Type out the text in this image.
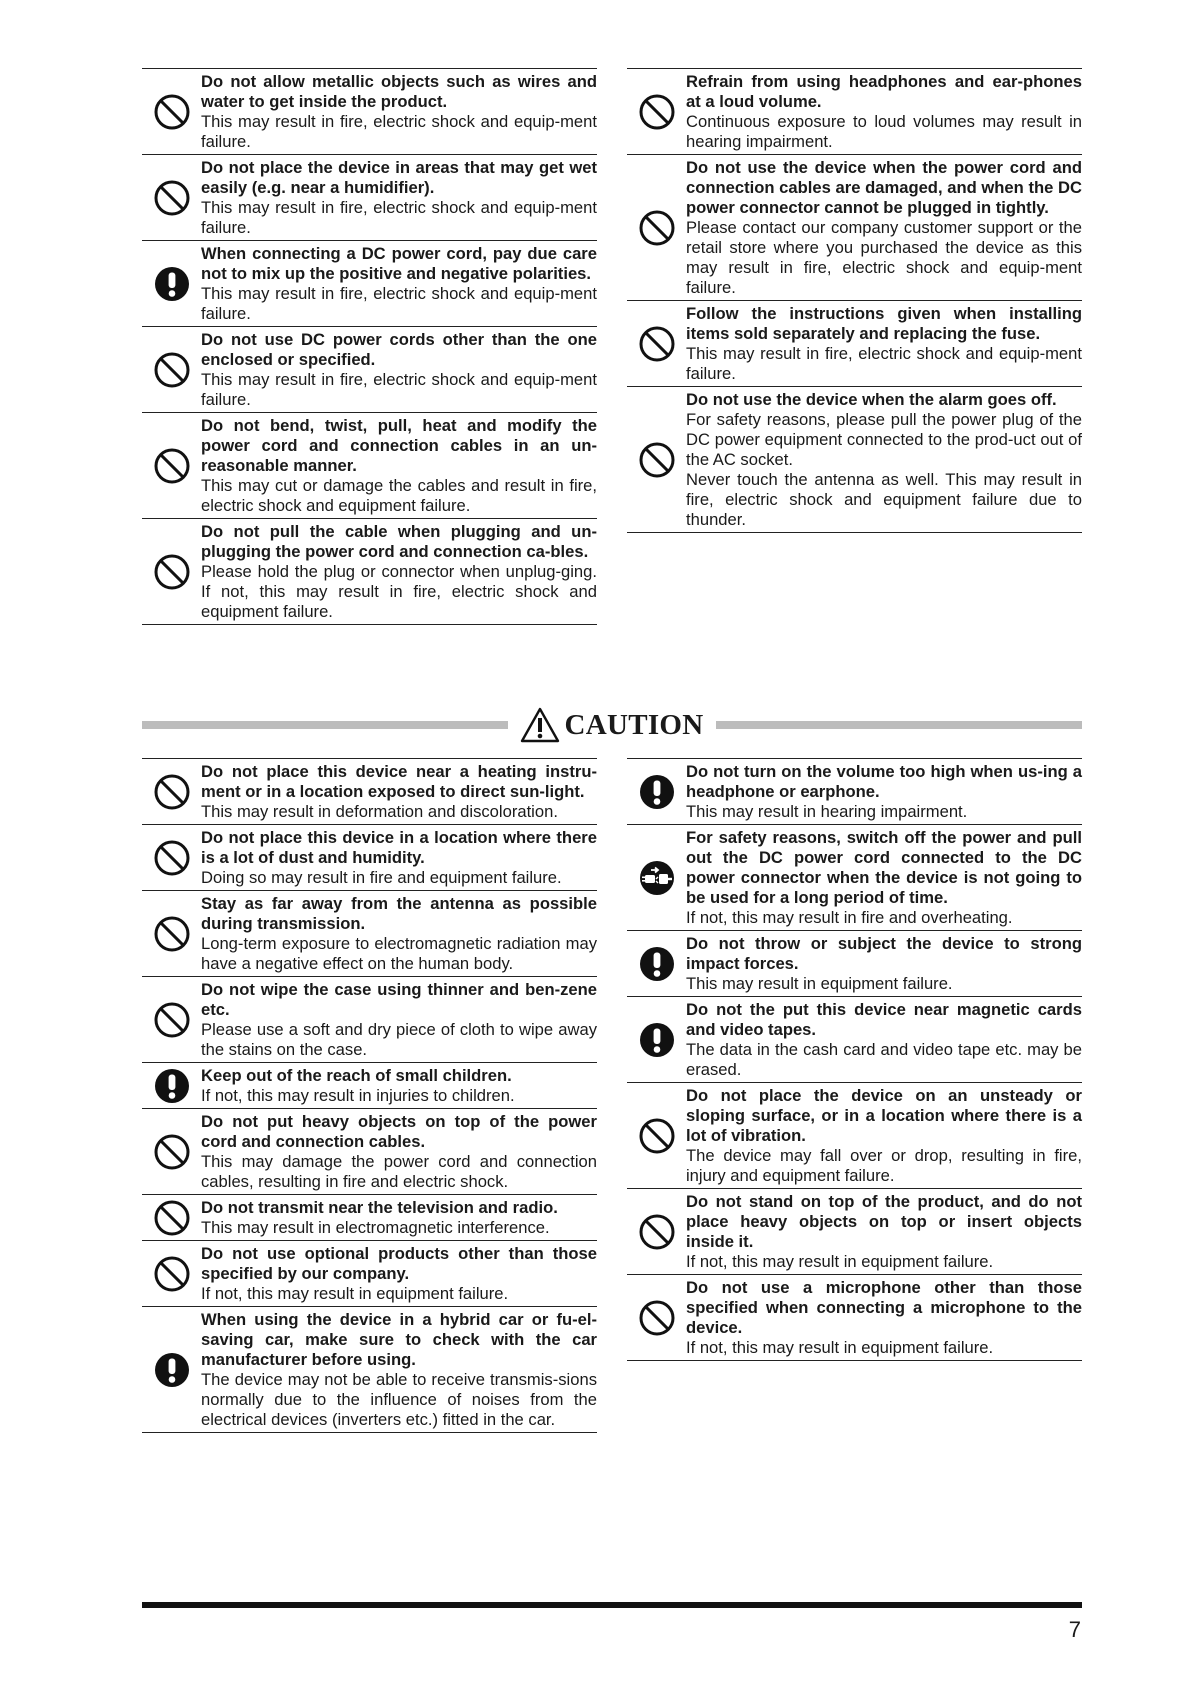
Do not allow metallic objects such as wires and water to get inside the product.
This may result in fire, electric shock and equip-ment failure.
Do not place the device in areas that may get wet easily (e.g. near a humidifier).
This may result in fire, electric shock and equip-ment failure.
When connecting a DC power cord, pay due care not to mix up the positive and negative polarities.
This may result in fire, electric shock and equip-ment failure.
Do not use DC power cords other than the one enclosed or specified.
This may result in fire, electric shock and equip-ment failure.
Do not bend, twist, pull, heat and modify the power cord and connection cables in an un-reasonable manner.
This may cut or damage the cables and result in fire, electric shock and equipment failure.
Do not pull the cable when plugging and un-plugging the power cord and connection ca-bles.
Please hold the plug or connector when unplug-ging. If not, this may result in fire, electric shock and equipment failure.
Refrain from using headphones and ear-phones at a loud volume.
Continuous exposure to loud volumes may result in hearing impairment.
Do not use the device when the power cord and connection cables are damaged, and when the DC power connector cannot be plugged in tightly.
Please contact our company customer support or the retail store where you purchased the device as this may result in fire, electric shock and equip-ment failure.
Follow the instructions given when installing items sold separately and replacing the fuse.
This may result in fire, electric shock and equip-ment failure.
Do not use the device when the alarm goes off.
For safety reasons, please pull the power plug of the DC power equipment connected to the prod-uct out of the AC socket.
Never touch the antenna as well. This may result in fire, electric shock and equipment failure due to thunder.
CAUTION
Do not place this device near a heating instru-ment or in a location exposed to direct sun-light.
This may result in deformation and discoloration.
Do not place this device in a location where there is a lot of dust and humidity.
Doing so may result in fire and equipment failure.
Stay as far away from the antenna as possible during transmission.
Long-term exposure to electromagnetic radiation may have a negative effect on the human body.
Do not wipe the case using thinner and ben-zene etc.
Please use a soft and dry piece of cloth to wipe away the stains on the case.
Keep out of the reach of small children.
If not, this may result in injuries to children.
Do not put heavy objects on top of the power cord and connection cables.
This may damage the power cord and connection cables, resulting in fire and electric shock.
Do not transmit near the television and radio.
This may result in electromagnetic interference.
Do not use optional products other than those specified by our company.
If not, this may result in equipment failure.
When using the device in a hybrid car or fu-el-saving car, make sure to check with the car manufacturer before using.
The device may not be able to receive transmis-sions normally due to the influence of noises from the electrical devices (inverters etc.) fitted in the car.
Do not turn on the volume too high when us-ing a headphone or earphone.
This may result in hearing impairment.
For safety reasons, switch off the power and pull out the DC power cord connected to the DC power connector when the device is not going to be used for a long period of time.
If not, this may result in fire and overheating.
Do not throw or subject the device to strong impact forces.
This may result in equipment failure.
Do not the put this device near magnetic cards and video tapes.
The data in the cash card and video tape etc. may be erased.
Do not place the device on an unsteady or sloping surface, or in a location where there is a lot of vibration.
The device may fall over or drop, resulting in fire, injury and equipment failure.
Do not stand on top of the product, and do not place heavy objects on top or insert objects inside it.
If not, this may result in equipment failure.
Do not use a microphone other than those specified when connecting a microphone to the device.
If not, this may result in equipment failure.
7
